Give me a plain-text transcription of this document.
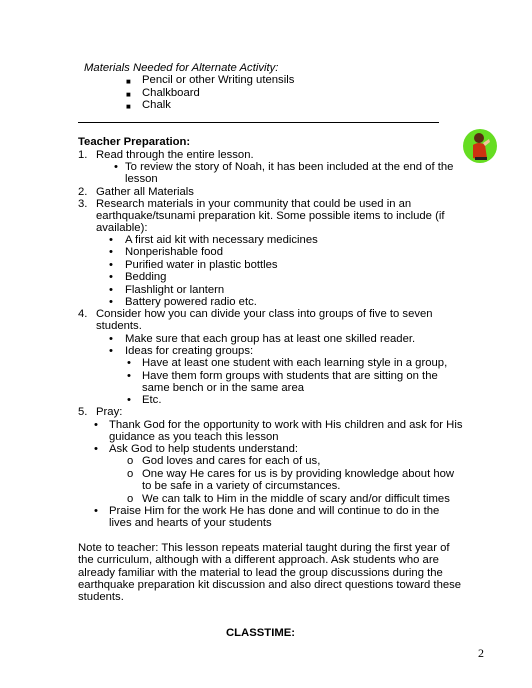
Materials Needed for Alternate Activity:
■ Pencil or other Writing utensils
■ Chalkboard
■ Chalk
Teacher Preparation:
1. Read through the entire lesson.
• To review the story of Noah, it has been included at the end of the
lesson
2. Gather all Materials
3. Research materials in your community that could be used in an
earthquake/tsunami preparation kit. Some possible items to include (if
available):
• A first aid kit with necessary medicines
• Nonperishable food
• Purified water in plastic bottles
• Bedding
• Flashlight or lantern
• Battery powered radio etc.
4. Consider how you can divide your class into groups of five to seven
students.
• Make sure that each group has at least one skilled reader.
• Ideas for creating groups:
• Have at least one student with each learning style in a group,
• Have them form groups with students that are sitting on the
same bench or in the same area
• Etc.
5. Pray:
• Thank God for the opportunity to work with His children and ask for His
guidance as you teach this lesson
• Ask God to help students understand:
o God loves and cares for each of us,
o One way He cares for us is by providing knowledge about how
to be safe in a variety of circumstances.
o We can talk to Him in the middle of scary and/or difficult times
• Praise Him for the work He has done and will continue to do in the
lives and hearts of your students
Note to teacher: This lesson repeats material taught during the first year of
the curriculum, although with a different approach. Ask students who are
already familiar with the material to lead the group discussions during the
earthquake preparation kit discussion and also direct questions toward these
students.
CLASSTIME:
2
